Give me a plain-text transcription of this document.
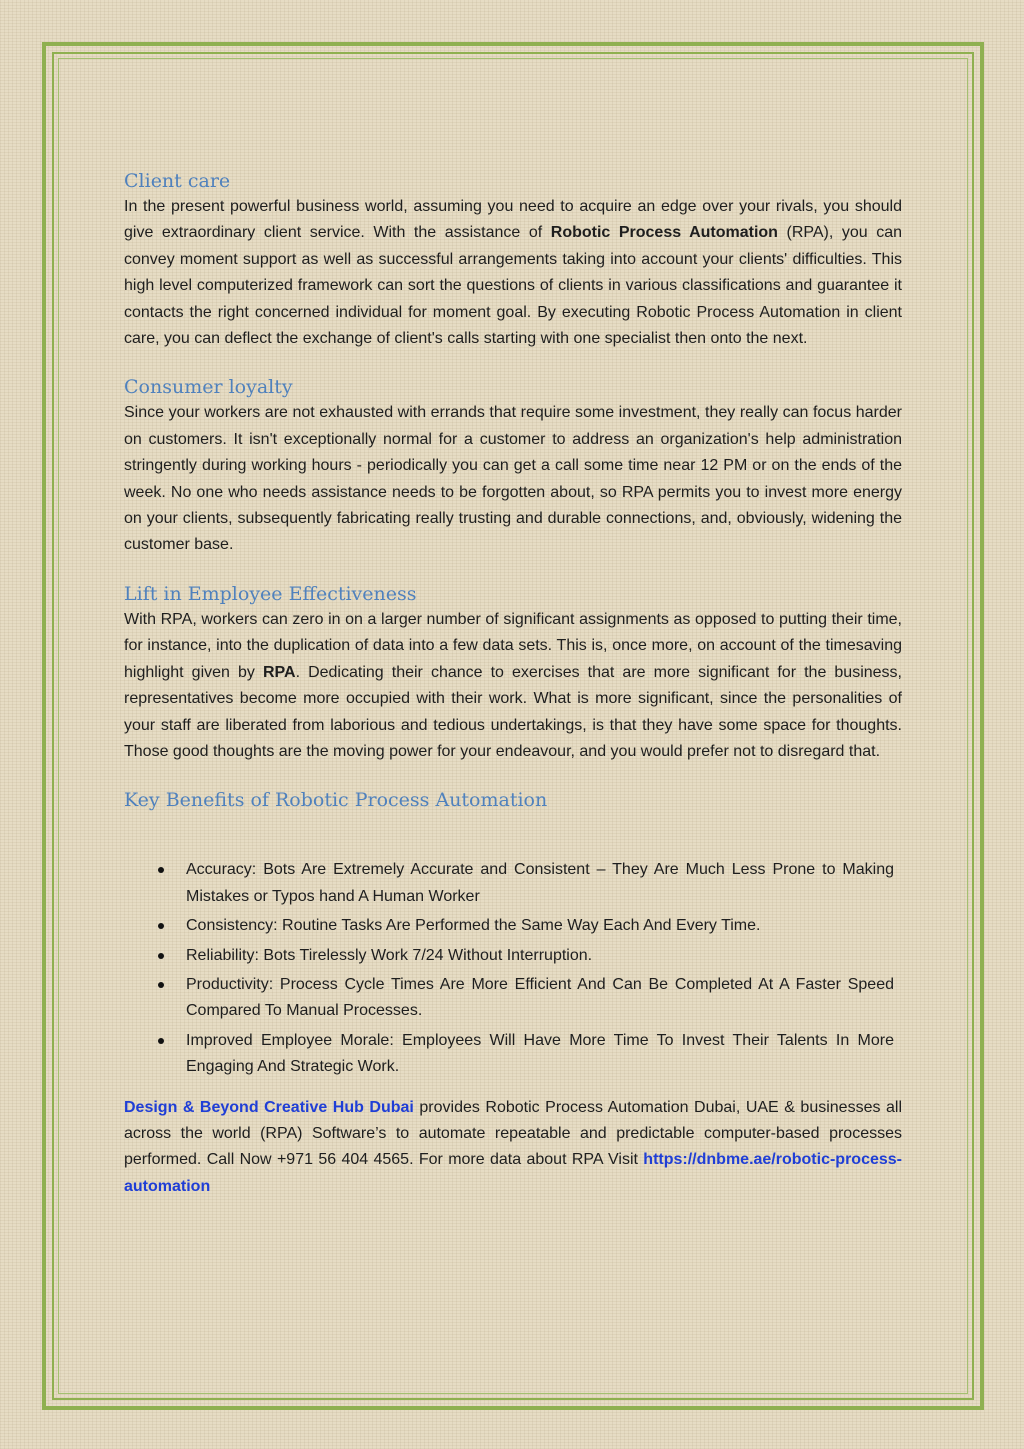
Client care

In the present powerful business world, assuming you need to acquire an edge over your rivals, you should give extraordinary client service. With the assistance of Robotic Process Automation (RPA), you can convey moment support as well as successful arrangements taking into account your clients' difficulties. This high level computerized framework can sort the questions of clients in various classifications and guarantee it contacts the right concerned individual for moment goal. By executing Robotic Process Automation in client care, you can deflect the exchange of client's calls starting with one specialist then onto the next.

Consumer loyalty

Since your workers are not exhausted with errands that require some investment, they really can focus harder on customers. It isn't exceptionally normal for a customer to address an organization's help administration stringently during working hours - periodically you can get a call some time near 12 PM or on the ends of the week. No one who needs assistance needs to be forgotten about, so RPA permits you to invest more energy on your clients, subsequently fabricating really trusting and durable connections, and, obviously, widening the customer base.

Lift in Employee Effectiveness

With RPA, workers can zero in on a larger number of significant assignments as opposed to putting their time, for instance, into the duplication of data into a few data sets. This is, once more, on account of the timesaving highlight given by RPA. Dedicating their chance to exercises that are more significant for the business, representatives become more occupied with their work. What is more significant, since the personalities of your staff are liberated from laborious and tedious undertakings, is that they have some space for thoughts. Those good thoughts are the moving power for your endeavour, and you would prefer not to disregard that.

Key Benefits of Robotic Process Automation
Accuracy: Bots Are Extremely Accurate and Consistent – They Are Much Less Prone to Making Mistakes or Typos hand A Human Worker
Consistency: Routine Tasks Are Performed the Same Way Each And Every Time.
Reliability: Bots Tirelessly Work 7/24 Without Interruption.
Productivity: Process Cycle Times Are More Efficient And Can Be Completed At A Faster Speed Compared To Manual Processes.
Improved Employee Morale: Employees Will Have More Time To Invest Their Talents In More Engaging And Strategic Work.

Design & Beyond Creative Hub Dubai provides Robotic Process Automation Dubai, UAE & businesses all across the world (RPA) Software’s to automate repeatable and predictable computer-based processes performed. Call Now +971 56 404 4565. For more data about RPA Visit https://dnbme.ae/robotic-process-automation
